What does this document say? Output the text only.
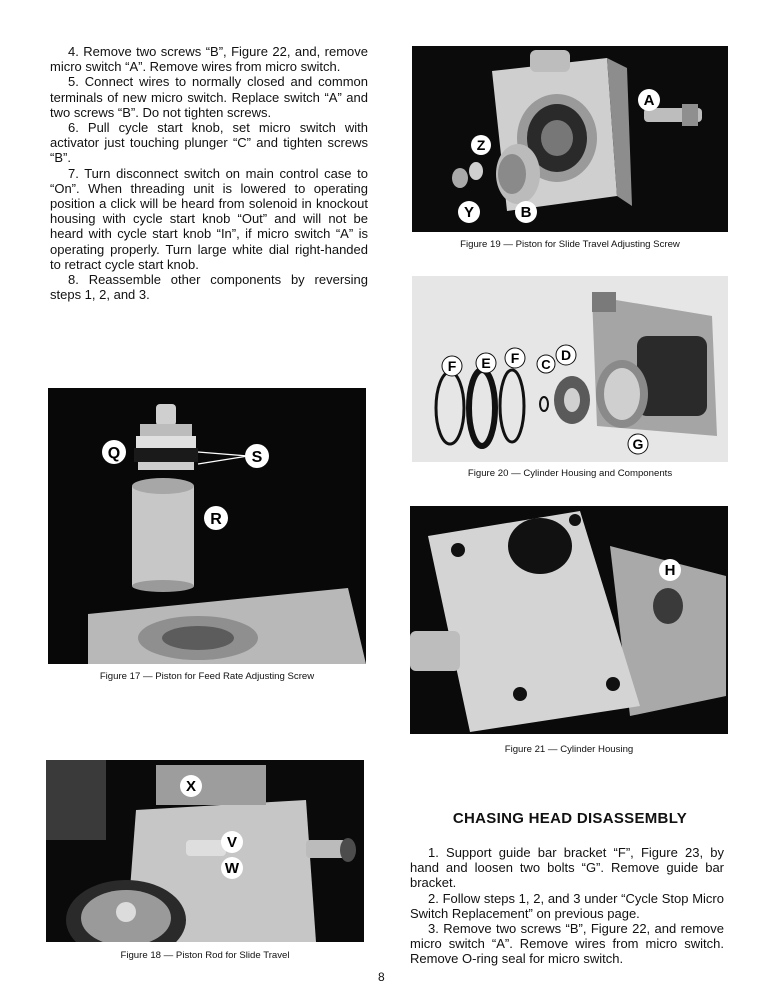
4. Remove two screws “B”, Figure 22, and, remove micro switch “A”. Remove wires from micro switch.

5. Connect wires to normally closed and common terminals of new micro switch. Replace switch “A” and two screws “B”. Do not tighten screws.

6. Pull cycle start knob, set micro switch with activator just touching plunger “C” and tighten screws “B”.

7. Turn disconnect switch on main control case to “On”. When threading unit is lowered to operating position a click will be heard from solenoid in knockout housing with cycle start knob “Out” and will not be heard with cycle start knob “In”, if micro switch “A” is operating properly. Turn large white dial right-handed to retract cycle start knob.

8. Reassemble other components by reversing steps 1, 2, and 3.

A
Z
Y	B
Figure 19 — Piston for Slide Travel Adjusting Screw
F E F C
D
G
Figure 20 — Cylinder Housing and Components
H
Figure 21 — Cylinder Housing
Q	S
R
Figure 17 — Piston for Feed Rate Adjusting Screw
X
V
W
Figure 18 — Piston Rod for Slide Travel
CHASING HEAD DISASSEMBLY

1. Support guide bar bracket “F”, Figure 23, by hand and loosen two bolts “G”. Remove guide bar bracket.

2. Follow steps 1, 2, and 3 under “Cycle Stop Micro Switch Replacement” on previous page.

3. Remove two screws “B”, Figure 22, and remove micro switch “A”. Remove wires from micro switch. Remove O-ring seal for micro switch.

8
